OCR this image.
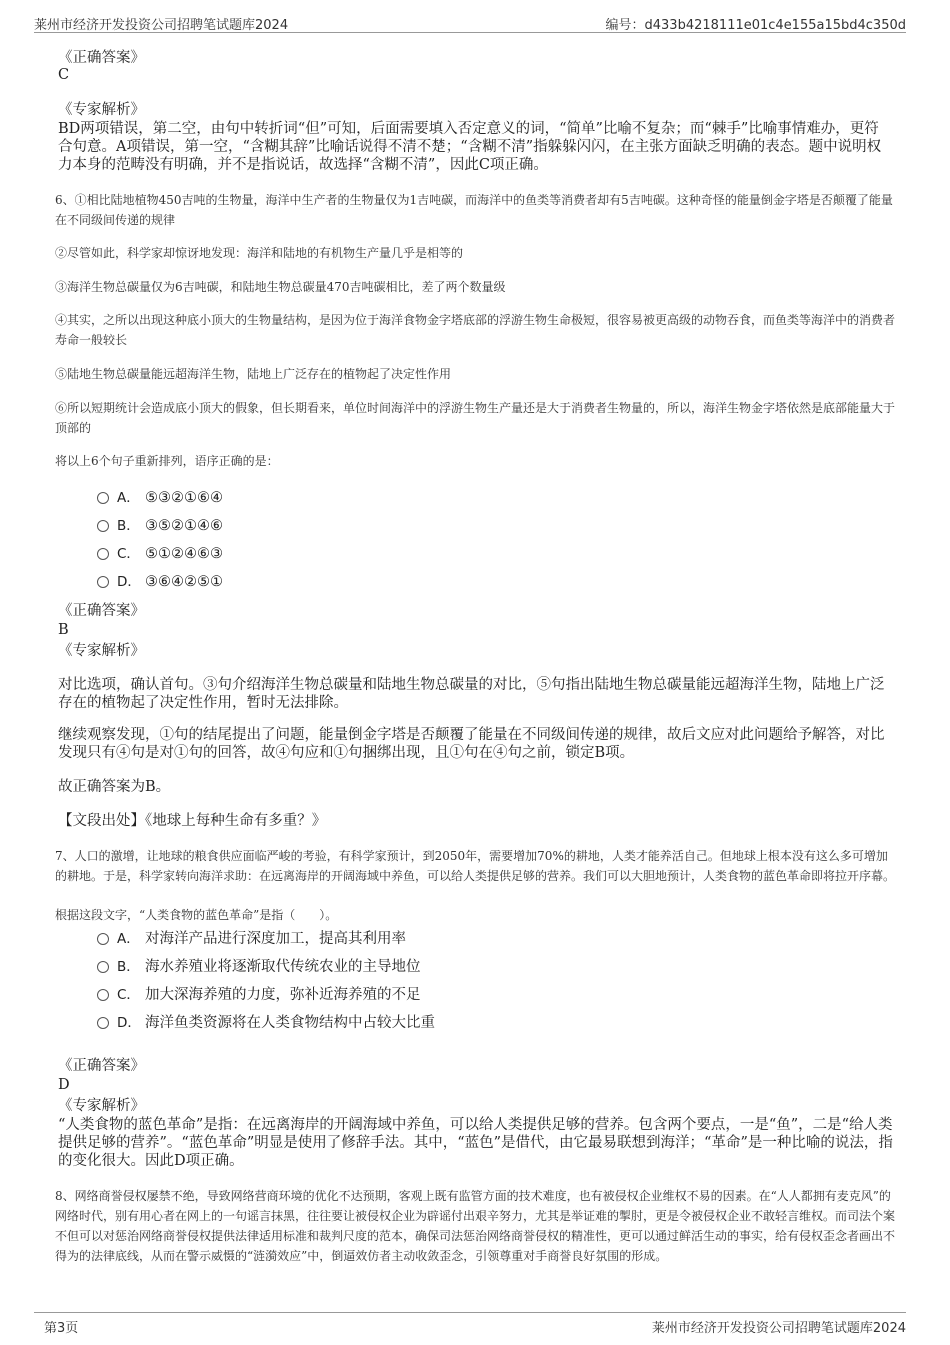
莱州市经济开发投资公司招聘笔试题库2024	编号：d433b4218111e01c4e155a15bd4c350d
《正确答案》
C
《专家解析》
BD两项错误，第二空，由句中转折词“但”可知，后面需要填入否定意义的词，“简单”比喻不复杂；而“棘手”比喻事情难办，更符合句意。A项错误，第一空，“含糊其辞”比喻话说得不清不楚；“含糊不清”指躲躲闪闪，在主张方面缺乏明确的表态。题中说明权力本身的范畴没有明确，并不是指说话，故选择“含糊不清”，因此C项正确。
6、①相比陆地植物450吉吨的生物量，海洋中生产者的生物量仅为1吉吨碳，而海洋中的鱼类等消费者却有5吉吨碳。这种奇怪的能量倒金字塔是否颠覆了能量在不同级间传递的规律
②尽管如此，科学家却惊讶地发现：海洋和陆地的有机物生产量几乎是相等的
③海洋生物总碳量仅为6吉吨碳，和陆地生物总碳量470吉吨碳相比，差了两个数量级
④其实，之所以出现这种底小顶大的生物量结构，是因为位于海洋食物金字塔底部的浮游生物生命极短，很容易被更高级的动物吞食，而鱼类等海洋中的消费者寿命一般较长
⑤陆地生物总碳量能远超海洋生物，陆地上广泛存在的植物起了决定性作用
⑥所以短期统计会造成底小顶大的假象，但长期看来，单位时间海洋中的浮游生物生产量还是大于消费者生物量的，所以，海洋生物金字塔依然是底部能量大于顶部的
将以上6个句子重新排列，语序正确的是：
A． ⑤③②①⑥④
B． ③⑤②①④⑥
C． ⑤①②④⑥③
D． ③⑥④②⑤①
《正确答案》
B
《专家解析》
对比选项，确认首句。③句介绍海洋生物总碳量和陆地生物总碳量的对比，⑤句指出陆地生物总碳量能远超海洋生物，陆地上广泛存在的植物起了决定性作用，暂时无法排除。
继续观察发现，①句的结尾提出了问题，能量倒金字塔是否颠覆了能量在不同级间传递的规律，故后文应对此问题给予解答，对比发现只有④句是对①句的回答，故④句应和①句捆绑出现，且①句在④句之前，锁定B项。
故正确答案为B。
【文段出处】《地球上每种生命有多重？》
7、人口的激增，让地球的粮食供应面临严峻的考验，有科学家预计，到2050年，需要增加70%的耕地，人类才能养活自己。但地球上根本没有这么多可增加的耕地。于是，科学家转向海洋求助：在远离海岸的开阔海域中养鱼，可以给人类提供足够的营养。我们可以大胆地预计，人类食物的蓝色革命即将拉开序幕。
根据这段文字，“人类食物的蓝色革命”是指（　　）。
A． 对海洋产品进行深度加工，提高其利用率
B． 海水养殖业将逐渐取代传统农业的主导地位
C． 加大深海养殖的力度，弥补近海养殖的不足
D． 海洋鱼类资源将在人类食物结构中占较大比重
《正确答案》
D
《专家解析》
“人类食物的蓝色革命”是指：在远离海岸的开阔海域中养鱼，可以给人类提供足够的营养。包含两个要点，一是“鱼”，二是“给人类提供足够的营养”。“蓝色革命”明显是使用了修辞手法。其中，“蓝色”是借代，由它最易联想到海洋；“革命”是一种比喻的说法，指的变化很大。因此D项正确。
8、网络商誉侵权屡禁不绝，导致网络营商环境的优化不达预期，客观上既有监管方面的技术难度，也有被侵权企业维权不易的因素。在“人人都拥有麦克风”的网络时代，别有用心者在网上的一句谣言抹黑，往往要让被侵权企业为辟谣付出艰辛努力，尤其是举证难的掣肘，更是令被侵权企业不敢轻言维权。而司法个案不但可以对惩治网络商誉侵权提供法律适用标准和裁判尺度的范本，确保司法惩治网络商誉侵权的精准性，更可以通过鲜活生动的事实，给有侵权歪念者画出不得为的法律底线，从而在警示威慑的“涟漪效应”中，倒逼效仿者主动收敛歪念，引领尊重对手商誉良好氛围的形成。
第3页	莱州市经济开发投资公司招聘笔试题库2024
